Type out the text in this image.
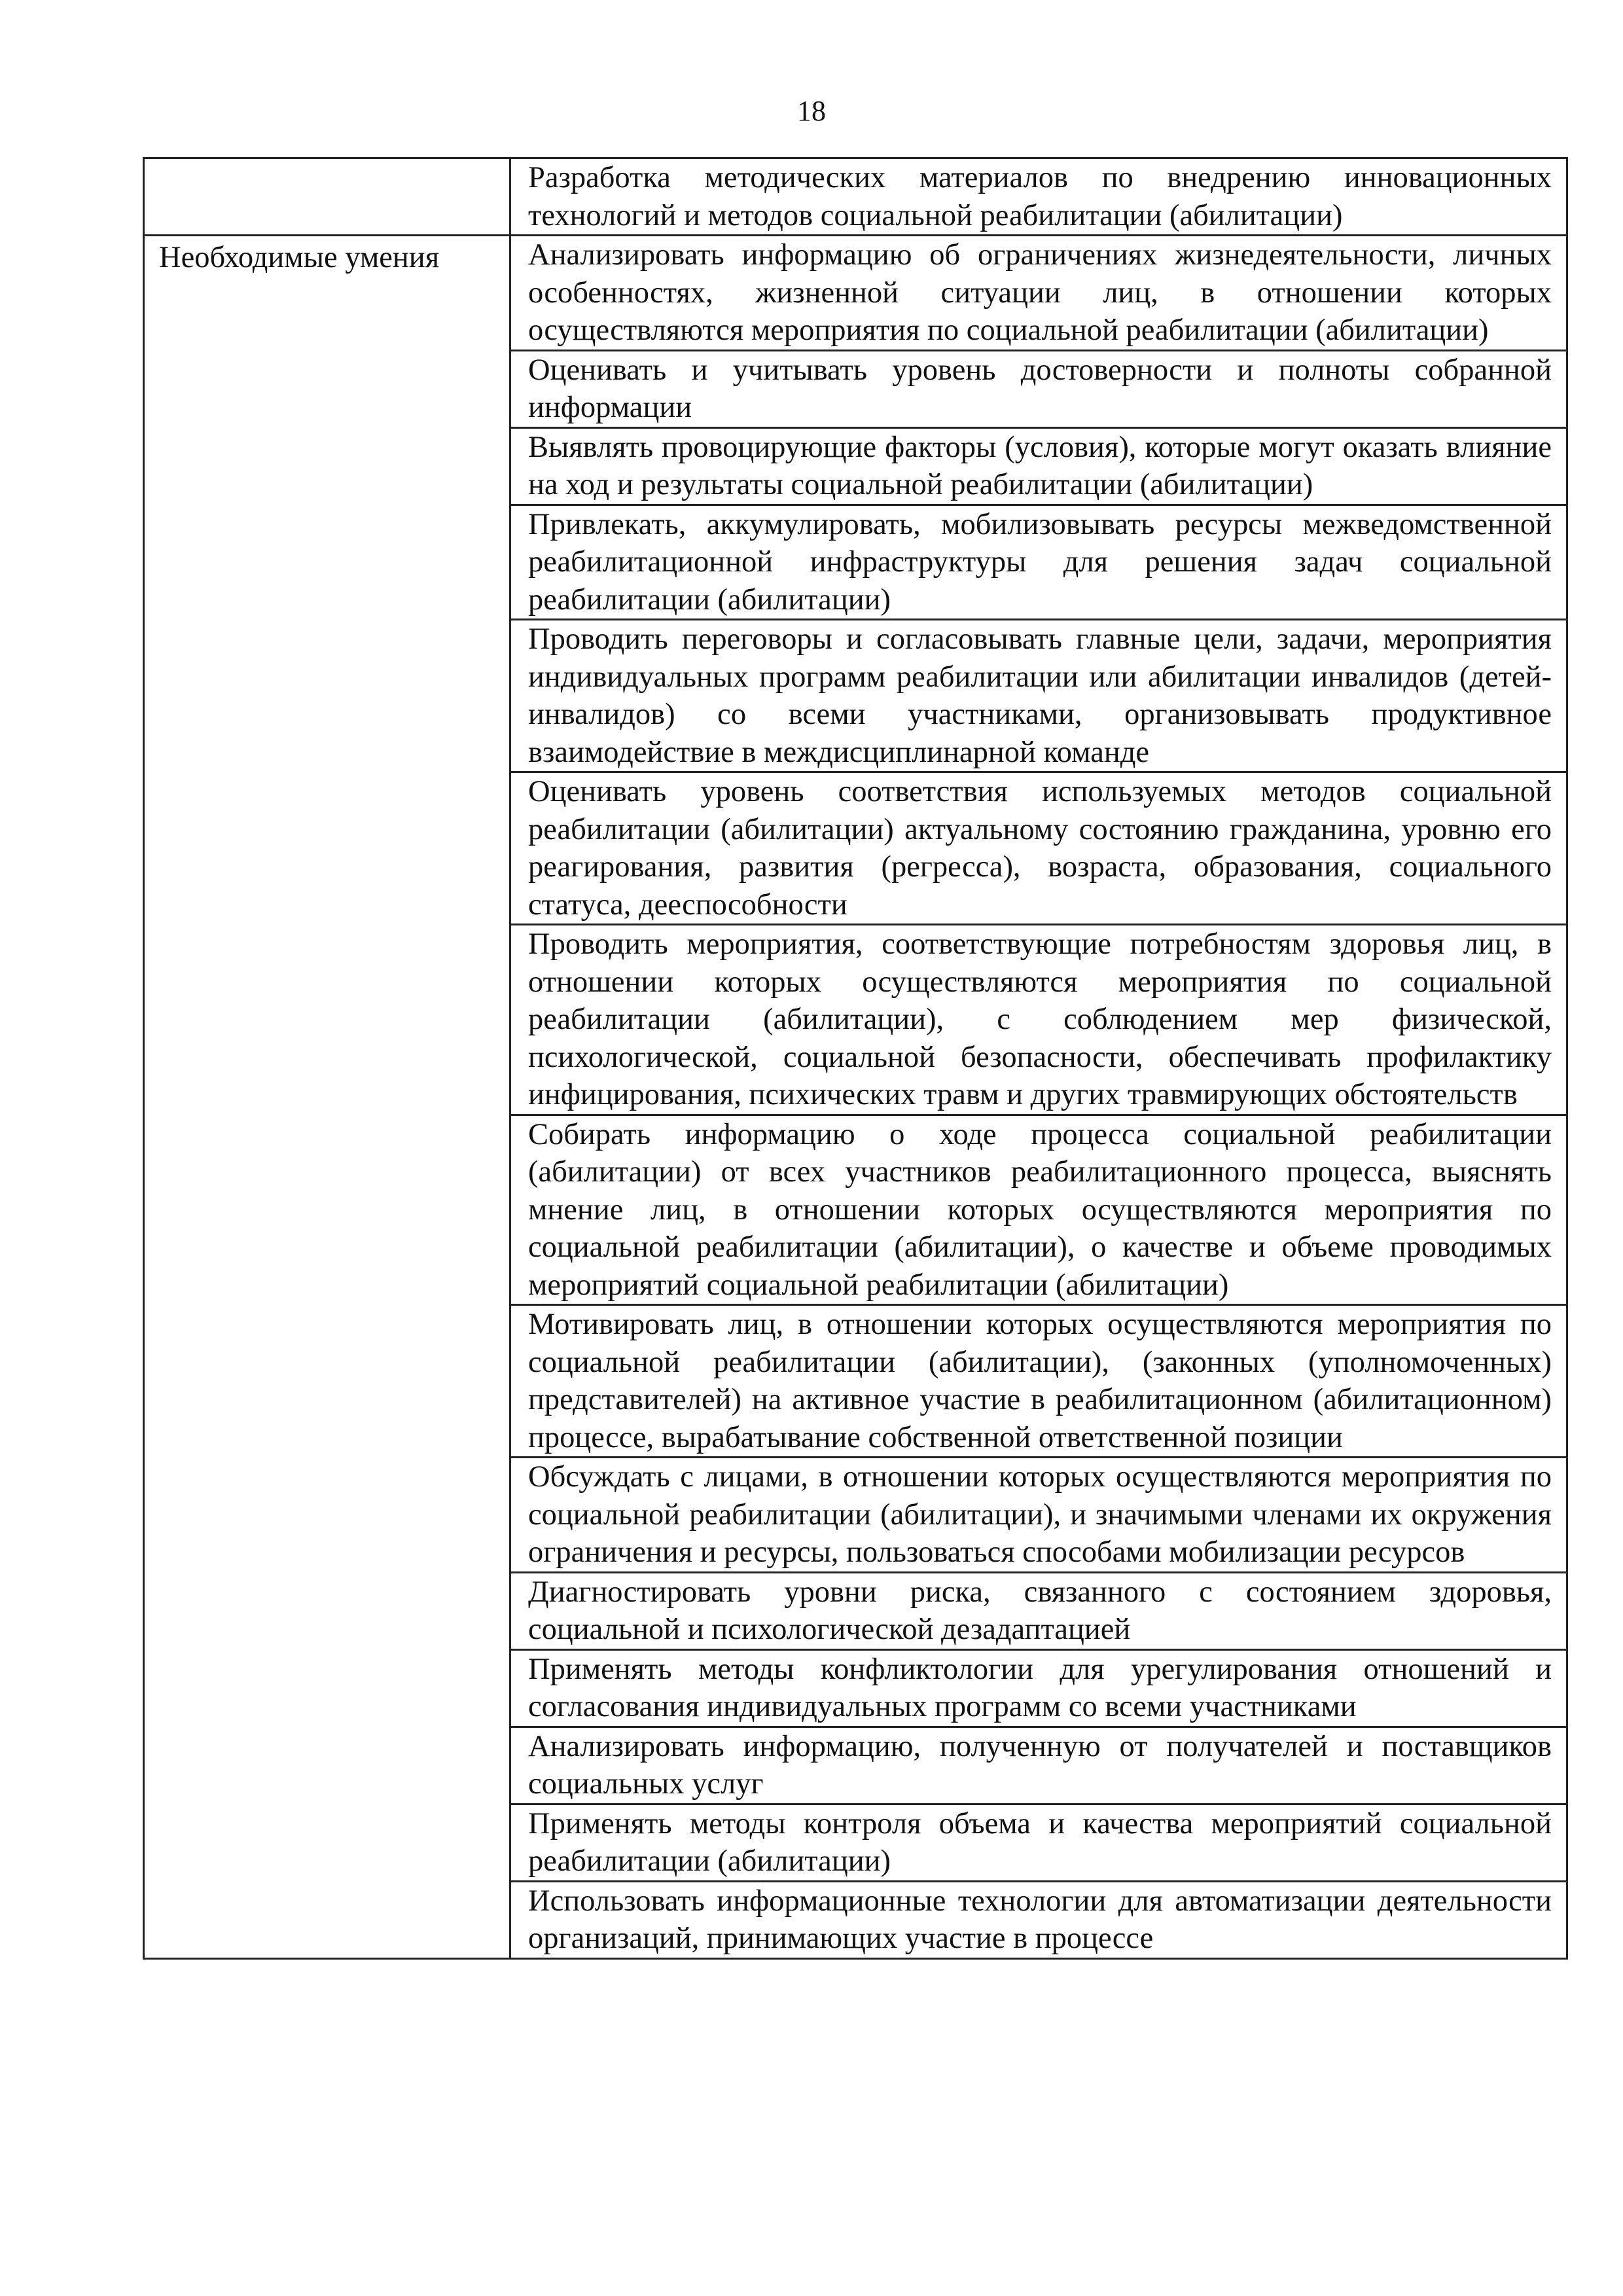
18

	Разработка методических материалов по внедрению инновационных технологий и методов социальной реабилитации (абилитации)

Необходимые умения	Анализировать информацию об ограничениях жизнедеятельности, личных особенностях, жизненной ситуации лиц, в отношении которых осуществляются мероприятия по социальной реабилитации (абилитации)

	Оценивать и учитывать уровень достоверности и полноты собранной информации

	Выявлять провоцирующие факторы (условия), которые могут оказать влияние на ход и результаты социальной реабилитации (абилитации)

	Привлекать, аккумулировать, мобилизовывать ресурсы межведомственной реабилитационной инфраструктуры для решения задач социальной реабилитации (абилитации)

	Проводить переговоры и согласовывать главные цели, задачи, мероприятия индивидуальных программ реабилитации или абилитации инвалидов (детей-инвалидов) со всеми участниками, организовывать продуктивное взаимодействие в междисциплинарной команде

	Оценивать уровень соответствия используемых методов социальной реабилитации (абилитации) актуальному состоянию гражданина, уровню его реагирования, развития (регресса), возраста, образования, социального статуса, дееспособности

	Проводить мероприятия, соответствующие потребностям здоровья лиц, в отношении которых осуществляются мероприятия по социальной реабилитации (абилитации), с соблюдением мер физической, психологической, социальной безопасности, обеспечивать профилактику инфицирования, психических травм и других травмирующих обстоятельств

	Собирать информацию о ходе процесса социальной реабилитации (абилитации) от всех участников реабилитационного процесса, выяснять мнение лиц, в отношении которых осуществляются мероприятия по социальной реабилитации (абилитации), о качестве и объеме проводимых мероприятий социальной реабилитации (абилитации)

	Мотивировать лиц, в отношении которых осуществляются мероприятия по социальной реабилитации (абилитации), (законных (уполномоченных) представителей) на активное участие в реабилитационном (абилитационном) процессе, вырабатывание собственной ответственной позиции

	Обсуждать с лицами, в отношении которых осуществляются мероприятия по социальной реабилитации (абилитации), и значимыми членами их окружения ограничения и ресурсы, пользоваться способами мобилизации ресурсов

	Диагностировать уровни риска, связанного с состоянием здоровья, социальной и психологической дезадаптацией

	Применять методы конфликтологии для урегулирования отношений и согласования индивидуальных программ со всеми участниками

	Анализировать информацию, полученную от получателей и поставщиков социальных услуг

	Применять методы контроля объема и качества мероприятий социальной реабилитации (абилитации)

	Использовать информационные технологии для автоматизации деятельности организаций, принимающих участие в процессе
